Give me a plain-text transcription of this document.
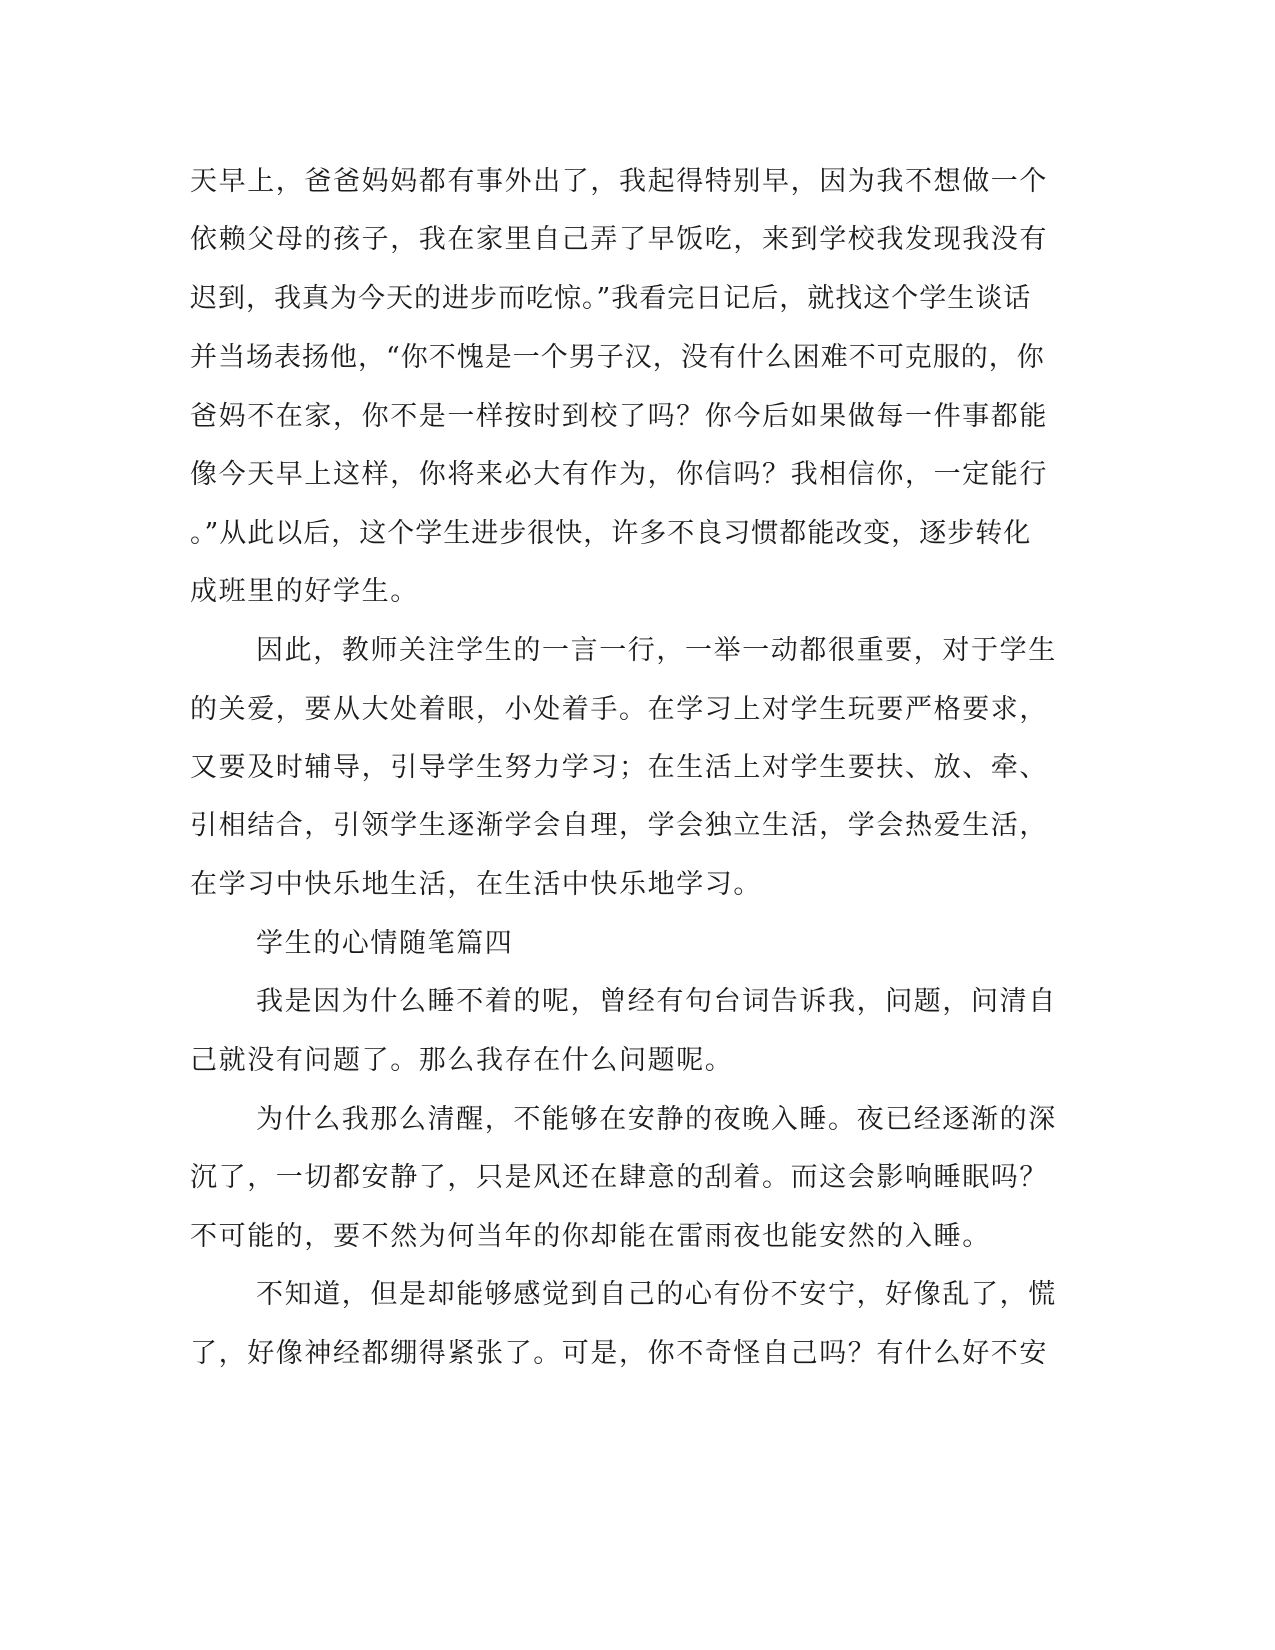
天早上，爸爸妈妈都有事外出了，我起得特别早，因为我不想做一个
依赖父母的孩子，我在家里自己弄了早饭吃，来到学校我发现我没有
迟到，我真为今天的进步而吃惊。”我看完日记后，就找这个学生谈话
并当场表扬他，“你不愧是一个男子汉，没有什么困难不可克服的，你
爸妈不在家，你不是一样按时到校了吗？你今后如果做每一件事都能
像今天早上这样，你将来必大有作为，你信吗？我相信你，一定能行
。”从此以后，这个学生进步很快，许多不良习惯都能改变，逐步转化
成班里的好学生。
因此，教师关注学生的一言一行，一举一动都很重要，对于学生
的关爱，要从大处着眼，小处着手。在学习上对学生玩要严格要求，
又要及时辅导，引导学生努力学习；在生活上对学生要扶、放、牵、
引相结合，引领学生逐渐学会自理，学会独立生活，学会热爱生活，
在学习中快乐地生活，在生活中快乐地学习。
学生的心情随笔篇四
我是因为什么睡不着的呢，曾经有句台词告诉我，问题，问清自
己就没有问题了。那么我存在什么问题呢。
为什么我那么清醒，不能够在安静的夜晚入睡。夜已经逐渐的深
沉了，一切都安静了，只是风还在肆意的刮着。而这会影响睡眠吗？
不可能的，要不然为何当年的你却能在雷雨夜也能安然的入睡。
不知道，但是却能够感觉到自己的心有份不安宁，好像乱了，慌
了，好像神经都绷得紧张了。可是，你不奇怪自己吗？有什么好不安
